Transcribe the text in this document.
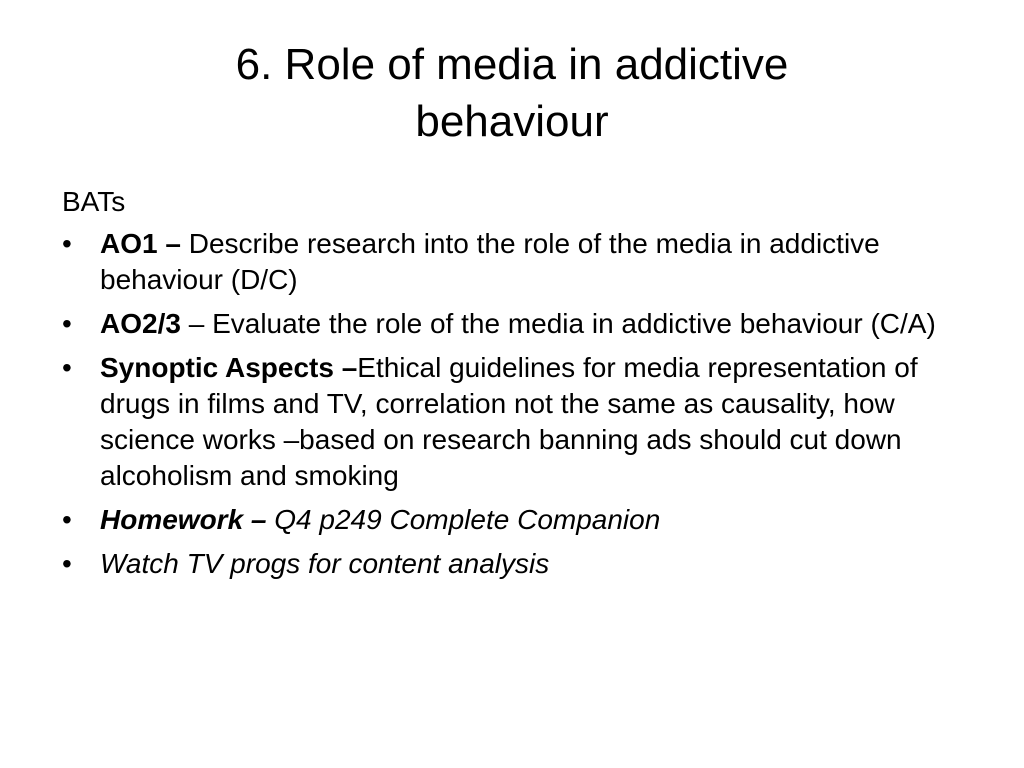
6. Role of media in addictive
behaviour

BATs

• AO1 – Describe research into the role of the media in addictive behaviour (D/C)
• AO2/3 – Evaluate the role of the media in addictive behaviour (C/A)
• Synoptic Aspects –Ethical guidelines for media representation of drugs in films and TV, correlation not the same as causality, how science works –based on research banning ads should cut down alcoholism and smoking
• Homework – Q4 p249 Complete Companion
• Watch TV progs for content analysis
